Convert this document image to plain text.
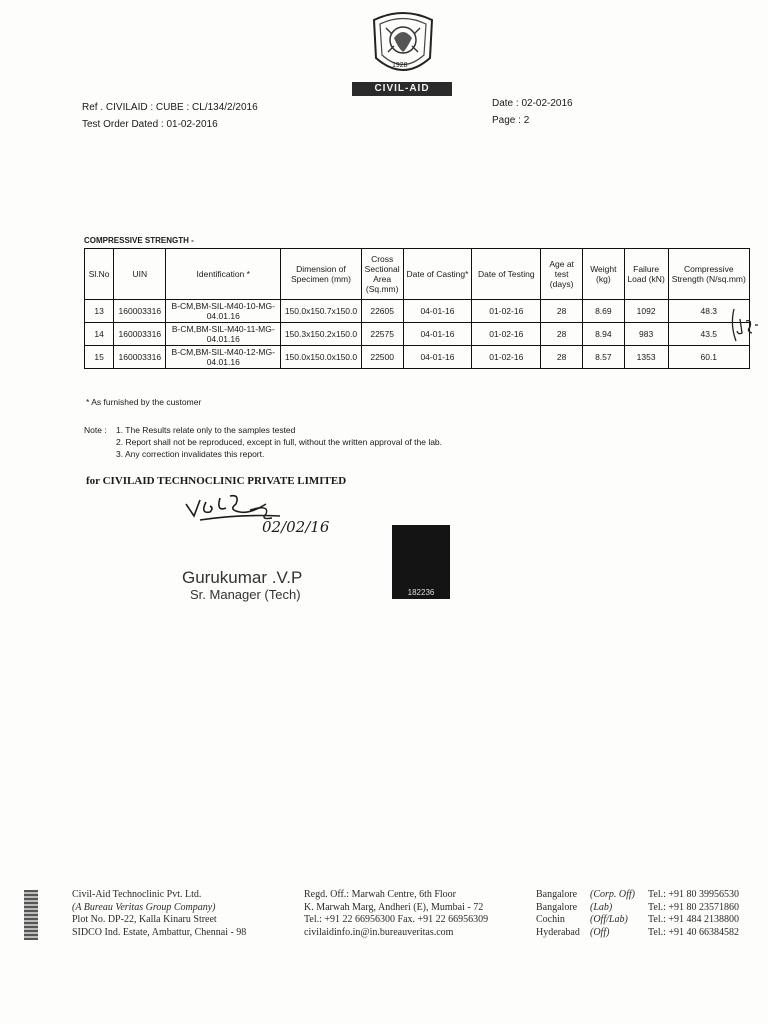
1928
CIVIL-AID
Ref . CIVILAID : CUBE : CL/134/2/2016
Test Order Dated : 01-02-2016
Date : 02-02-2016
Page : 2
COMPRESSIVE STRENGTH -
Sl.No	UIN	Identification *	Dimension of Specimen (mm)	Cross Sectional Area (Sq.mm)	Date of Casting*	Date of Testing	Age at test (days)	Weight (kg)	Failure Load (kN)	Compressive Strength (N/sq.mm)
13	160003316	B-CM,BM-SIL-M40-10-MG-04.01.16	150.0x150.7x150.0	22605	04-01-16	01-02-16	28	8.69	1092	48.3
14	160003316	B-CM,BM-SIL-M40-11-MG-04.01.16	150.3x150.2x150.0	22575	04-01-16	01-02-16	28	8.94	983	43.5
15	160003316	B-CM,BM-SIL-M40-12-MG-04.01.16	150.0x150.0x150.0	22500	04-01-16	01-02-16	28	8.57	1353	60.1
* As furnished by the customer
Note : 1. The Results relate only to the samples tested
2. Report shall not be reproduced, except in full, without the written approval of the lab.
3. Any correction invalidates this report.
for CIVILAID TECHNOCLINIC PRIVATE LIMITED
02/02/16
Gurukumar .V.P
Sr. Manager (Tech)	182236
Civil-Aid Technoclinic Pvt. Ltd.
(A Bureau Veritas Group Company)
Plot No. DP-22, Kalla Kinaru Street
SIDCO Ind. Estate, Ambattur, Chennai - 98
Regd. Off.: Marwah Centre, 6th Floor
K. Marwah Marg, Andheri (E), Mumbai - 72
Tel.: +91 22 66956300 Fax. +91 22 66956309
civilaidinfo.in@in.bureauveritas.com
Bangalore	(Corp. Off)	Tel.: +91 80 39956530
Bangalore	(Lab)	Tel.: +91 80 23571860
Cochin	(Off/Lab)	Tel.: +91 484 2138800
Hyderabad	(Off)	Tel.: +91 40 66384582
